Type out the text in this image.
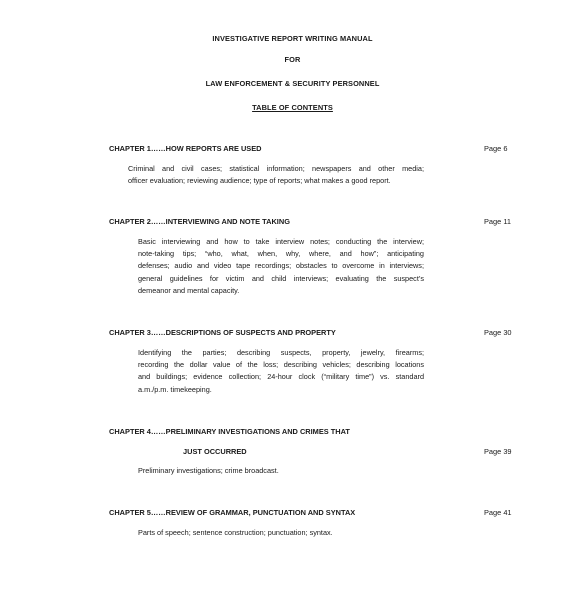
INVESTIGATIVE REPORT WRITING MANUAL
FOR
LAW ENFORCEMENT & SECURITY PERSONNEL
TABLE OF CONTENTS
CHAPTER 1……HOW REPORTS ARE USED	Page 6
Criminal and civil cases; statistical information; newspapers and other media;
officer evaluation; reviewing audience; type of reports; what makes a good report.
CHAPTER 2……INTERVIEWING AND NOTE TAKING	Page 11
Basic interviewing and how to take interview notes; conducting the interview;
note-taking tips; “who, what, when, why, where, and how”; anticipating
defenses; audio and video tape recordings; obstacles to overcome in interviews;
general guidelines for victim and child interviews; evaluating the suspect’s
demeanor and mental capacity.
CHAPTER 3……DESCRIPTIONS OF SUSPECTS AND PROPERTY	Page 30
Identifying the parties; describing suspects, property, jewelry, firearms;
recording the dollar value of the loss; describing vehicles; describing locations
and buildings; evidence collection; 24-hour clock (“military time”) vs. standard
a.m./p.m. timekeeping.
CHAPTER 4……PRELIMINARY INVESTIGATIONS AND CRIMES THAT
JUST OCCURRED	Page 39
Preliminary investigations; crime broadcast.
CHAPTER 5……REVIEW OF GRAMMAR, PUNCTUATION AND SYNTAX	Page 41
Parts of speech; sentence construction; punctuation; syntax.
